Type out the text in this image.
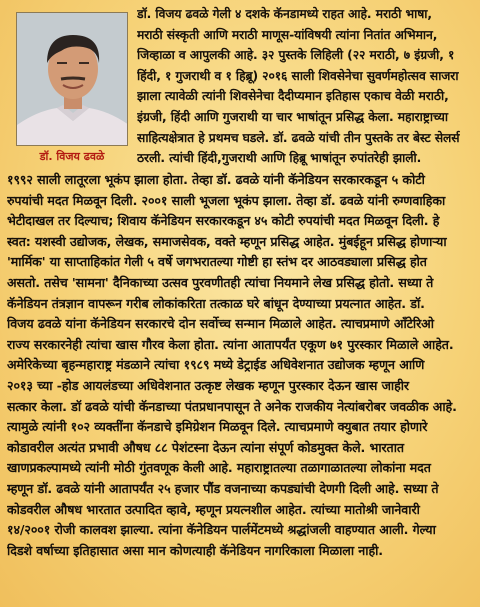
डॉ. विजय ढवळे

डॉ. विजय ढवळे गेली ४ दशके कॅनडामध्ये राहत आहे. मराठी भाषा,

मराठी संस्कृती आणि मराठी माणूस-यांविषयी त्यांना नितांत अभिमान,

जिव्हाळा व आपुलकी आहे. ३२ पुस्तके लिहिली (२२ मराठी, ७ इंग्रजी, १

हिंदी, १ गुजराथी व १ हिब्रू) २०१६ साली शिवसेनेचा सुवर्णमहोत्सव साजरा

झाला त्यावेळी त्यांनी शिवसेनेचा दैदीप्यमान इतिहास एकाच वेळी मराठी,

इंग्रजी, हिंदी आणि गुजराथी या चार भाषांतून प्रसिद्ध केला. महाराष्ट्राच्या

साहित्यक्षेत्रात हे प्रथमच घडले. डॉ. ढवळे यांची तीन पुस्तके तर बेस्ट सेलर्स

ठरली. त्यांची हिंदी,गुजराथी आणि हिब्रू भाषांतून रुपांतरेही झाली.

१९९२ साली लातूरला भूकंप झाला होता. तेव्हा डॉ. ढवळे यांनी कॅनेडियन सरकारकडून ५ कोटी

रुपयांची मदत मिळवून दिली. २००१ साली भूजला भूकंप झाला. तेव्हा डॉ. ढवळे यांनी रुग्णवाहिका

भेटीदाखल तर दिल्याच; शिवाय कॅनेडियन सरकारकडून ४५ कोटी रुपयांची मदत मिळवून दिली. हे

स्वत: यशस्वी उद्योजक, लेखक, समाजसेवक, वक्ते म्हणून प्रसिद्ध आहेत. मुंबईहून प्रसिद्ध होणाऱ्या

'मार्मिक' या साप्ताहिकांत गेली ५ वर्षे जगभरातल्या गोष्टी हा स्तंभ दर आठवड्याला प्रसिद्ध होत

असतो. तसेच 'सामना' दैनिकाच्या उत्सव पुरवणीतही त्यांचा नियमाने लेख प्रसिद्ध होतो. सध्या ते

कॅनेडियन तंत्रज्ञान वापरून गरीब लोकांकरिता तत्काळ घरे बांधून देण्याच्या प्रयत्नात आहेत. डॉ.

विजय ढवळे यांना कॅनेडियन सरकारचे दोन सर्वोच्च सन्मान मिळाले आहेत. त्याचप्रमाणे ऑंटेरिओ

राज्य सरकारनेही त्यांचा खास गौरव केला होता. त्यांना आतापर्यंत एकूण ७१ पुरस्कार मिळाले आहेत.

अमेरिकेच्या बृहन्महाराष्ट्र मंडळाने त्यांचा १९८९ मध्ये डेट्राईड अधिवेशनात उद्योजक म्हणून आणि

२०१३ च्या -होड आयलंडच्या अधिवेशनात उत्कृष्ट लेखक म्हणून पुरस्कार देऊन खास जाहीर

सत्कार केला. डॉ ढवळे यांची कॅनडाच्या पंतप्रधानपासून ते अनेक राजकीय नेत्यांबरोबर जवळीक आहे.

त्यामुळे त्यांनी १०२ व्यक्तींना कॅनडाचे इमिग्रेशन मिळवून दिले. त्याचप्रमाणे क्युबात तयार होणारे

कोडावरील अत्यंत प्रभावी औषध ८८ पेशंटस्ना देऊन त्यांना संपूर्ण कोडमुक्त केले. भारतात

खाणप्रकल्पामध्ये त्यांनी मोठी गुंतवणूक केली आहे. महाराष्ट्रातल्या तळागाळातल्या लोकांना मदत

म्हणून डॉ. ढवळे यांनी आतापर्यंत २५ हजार पौंड वजनाच्या कपड्यांची देणगी दिली आहे. सध्या ते

कोडवरील औषध भारतात उत्पादित व्हावे, म्हणून प्रयत्नशील आहेत. त्यांच्या मातोश्री जानेवारी

१४/२००१ रोजी कालवश झाल्या. त्यांना कॅनेडियन पार्लमेंटमध्ये श्रद्धांजली वाहण्यात आली. गेल्या

दिडशे वर्षाच्या इतिहासात असा मान कोणत्याही कॅनेडियन नागरिकाला मिळाला नाही.
